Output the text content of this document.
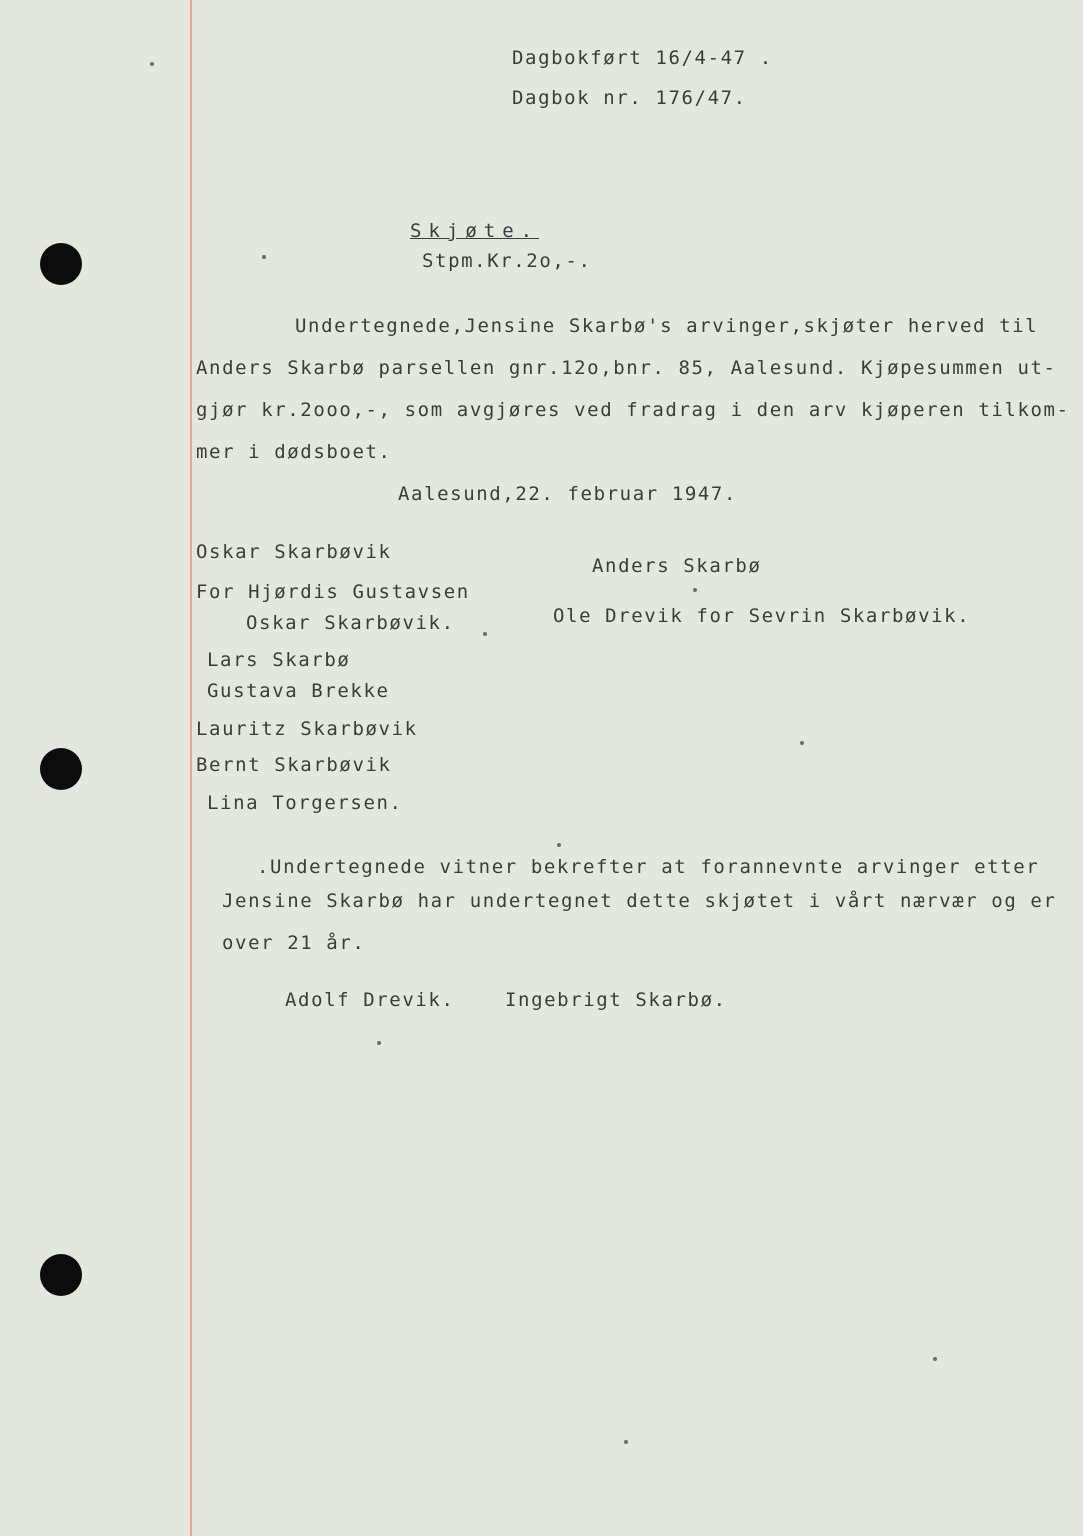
Dagbokført 16/4-47 .
Dagbok nr. 176/47.
Skjøte.
Stpm.Kr.2o,-.
Undertegnede,Jensine Skarbø's arvinger,skjøter herved til
Anders Skarbø parsellen gnr.12o,bnr. 85, Aalesund. Kjøpesummen ut-
gjør kr.2ooo,-, som avgjøres ved fradrag i den arv kjøperen tilkom-
mer i dødsboet.
Aalesund,22. februar 1947.
Oskar Skarbøvik
For Hjørdis Gustavsen
Oskar Skarbøvik.
Lars Skarbø
Gustava Brekke
Lauritz Skarbøvik
Bernt Skarbøvik
Lina Torgersen.
Anders Skarbø
Ole Drevik for Sevrin Skarbøvik.
.Undertegnede vitner bekrefter at forannevnte arvinger etter
Jensine Skarbø har undertegnet dette skjøtet i vårt nærvær og er
over 21 år.
Adolf Drevik.	Ingebrigt Skarbø.
